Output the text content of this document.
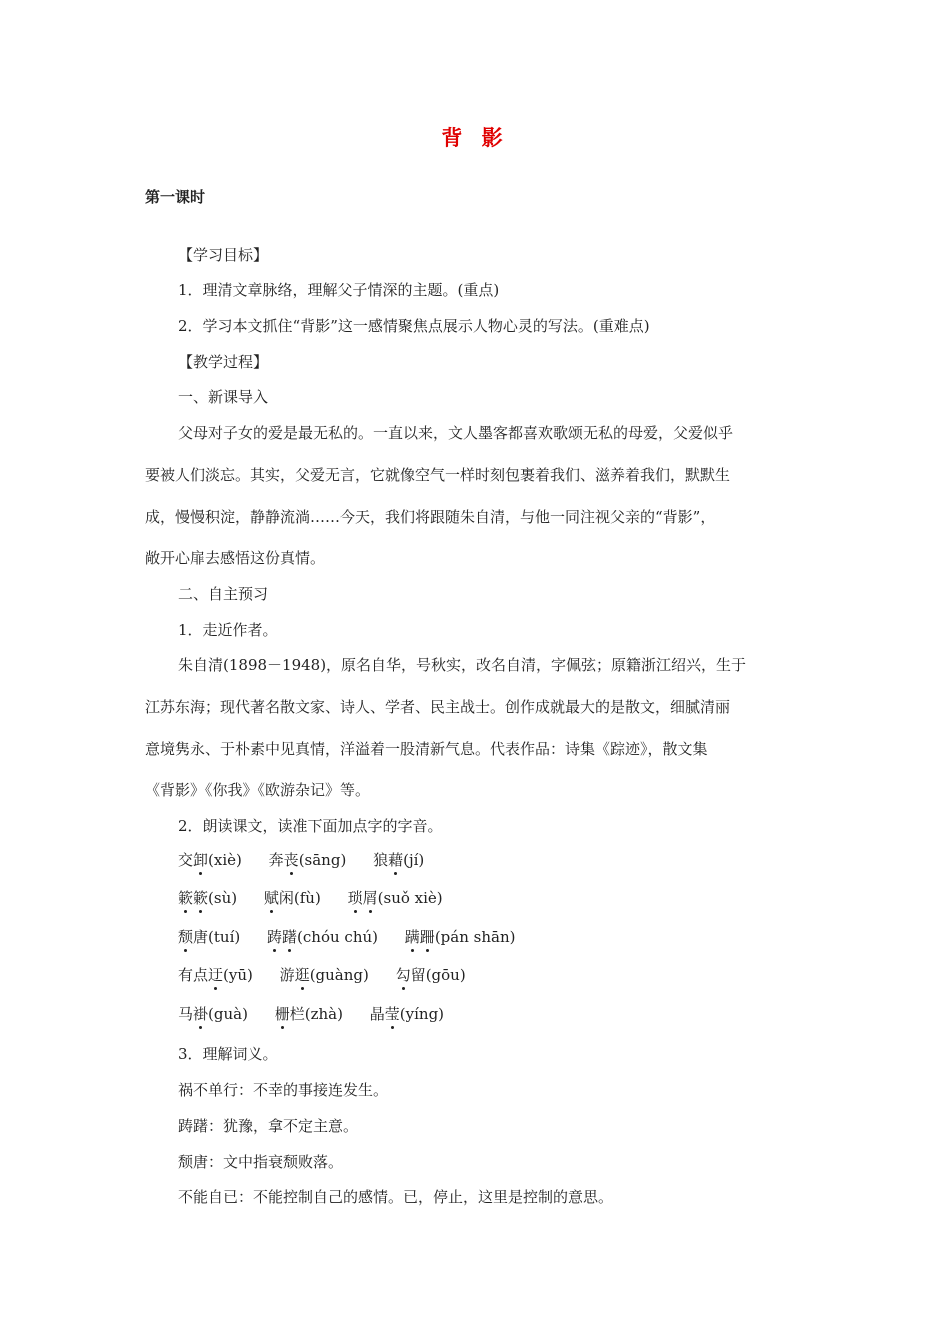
背 影
第一课时
【学习目标】
1．理清文章脉络，理解父子情深的主题。(重点)
2．学习本文抓住“背影”这一感情聚焦点展示人物心灵的写法。(重难点)
【教学过程】
一、新课导入
父母对子女的爱是最无私的。一直以来，文人墨客都喜欢歌颂无私的母爱，父爱似乎
要被人们淡忘。其实，父爱无言，它就像空气一样时刻包裹着我们、滋养着我们，默默生
成，慢慢积淀，静静流淌……今天，我们将跟随朱自清，与他一同注视父亲的“背影”，
敞开心扉去感悟这份真情。
二、自主预习
1．走近作者。
朱自清(1898－1948)，原名自华，号秋实，改名自清，字佩弦；原籍浙江绍兴，生于
江苏东海；现代著名散文家、诗人、学者、民主战士。创作成就最大的是散文，细腻清丽
意境隽永、于朴素中见真情，洋溢着一股清新气息。代表作品：诗集《踪迹》，散文集
《背影》《你我》《欧游杂记》等。
2．朗读课文，读准下面加点字的字音。
交卸(xiè) 奔丧(sāng) 狼藉(jí)
簌簌(sù) 赋闲(fù) 琐屑(suǒ xiè)
颓唐(tuí) 踌躇(chóu chú) 蹒跚(pán shān)
有点迂(yū) 游逛(guàng) 勾留(gōu)
马褂(guà) 栅栏(zhà) 晶莹(yíng)
3．理解词义。
祸不单行：不幸的事接连发生。
踌躇：犹豫，拿不定主意。
颓唐：文中指衰颓败落。
不能自已：不能控制自己的感情。已，停止，这里是控制的意思。
